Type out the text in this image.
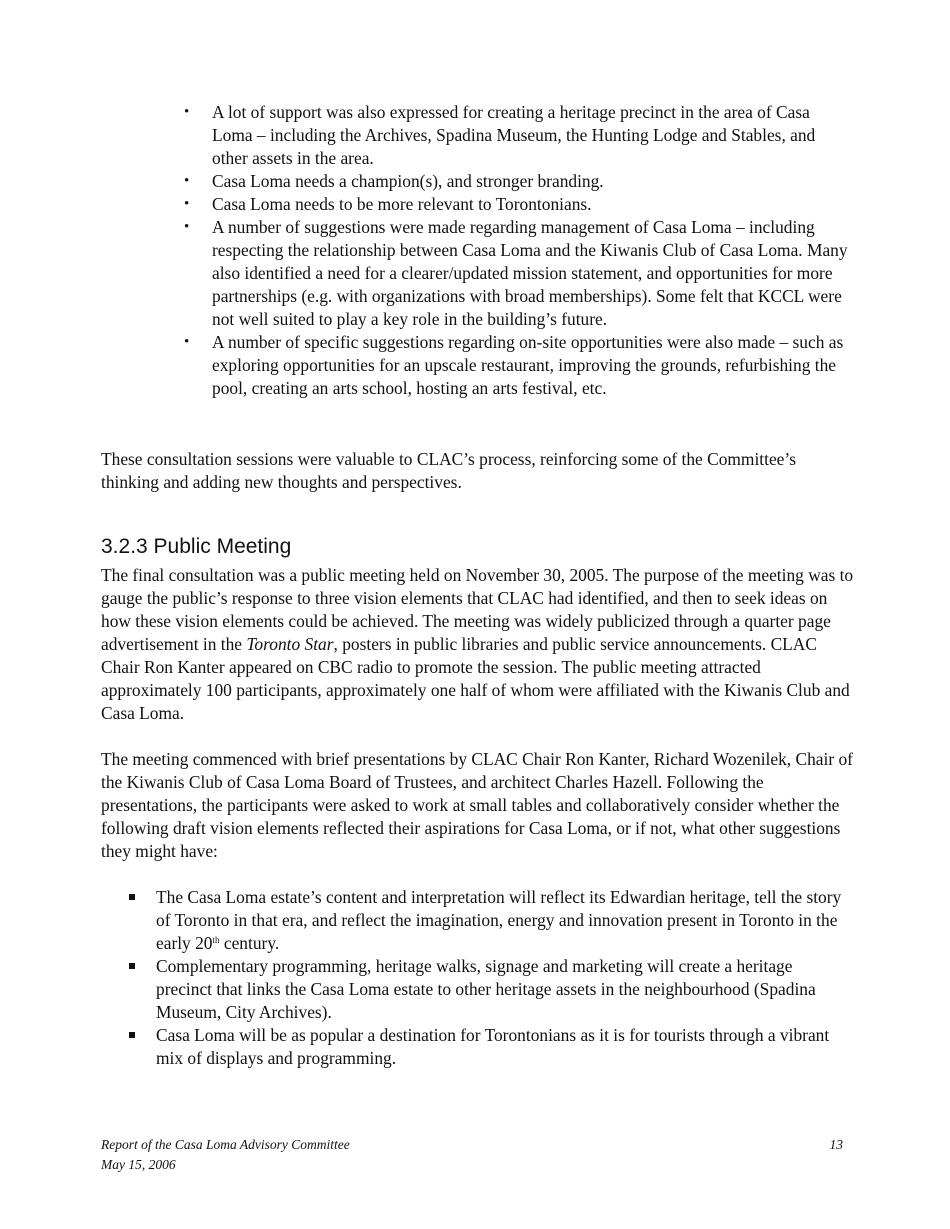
•	A lot of support was also expressed for creating a heritage precinct in the area of Casa Loma – including the Archives, Spadina Museum, the Hunting Lodge and Stables, and other assets in the area.
•	Casa Loma needs a champion(s), and stronger branding.
•	Casa Loma needs to be more relevant to Torontonians.
•	A number of suggestions were made regarding management of Casa Loma – including respecting the relationship between Casa Loma and the Kiwanis Club of Casa Loma. Many also identified a need for a clearer/updated mission statement, and opportunities for more partnerships (e.g. with organizations with broad memberships). Some felt that KCCL were not well suited to play a key role in the building’s future.
•	A number of specific suggestions regarding on-site opportunities were also made – such as exploring opportunities for an upscale restaurant, improving the grounds, refurbishing the pool, creating an arts school, hosting an arts festival, etc.

These consultation sessions were valuable to CLAC’s process, reinforcing some of the Committee’s thinking and adding new thoughts and perspectives.

3.2.3 Public Meeting

The final consultation was a public meeting held on November 30, 2005. The purpose of the meeting was to gauge the public’s response to three vision elements that CLAC had identified, and then to seek ideas on how these vision elements could be achieved. The meeting was widely publicized through a quarter page advertisement in the Toronto Star, posters in public libraries and public service announcements. CLAC Chair Ron Kanter appeared on CBC radio to promote the session. The public meeting attracted approximately 100 participants, approximately one half of whom were affiliated with the Kiwanis Club and Casa Loma.

The meeting commenced with brief presentations by CLAC Chair Ron Kanter, Richard Wozenilek, Chair of the Kiwanis Club of Casa Loma Board of Trustees, and architect Charles Hazell. Following the presentations, the participants were asked to work at small tables and collaboratively consider whether the following draft vision elements reflected their aspirations for Casa Loma, or if not, what other suggestions they might have:

The Casa Loma estate’s content and interpretation will reflect its Edwardian heritage, tell the story of Toronto in that era, and reflect the imagination, energy and innovation present in Toronto in the early 20th century.
Complementary programming, heritage walks, signage and marketing will create a heritage precinct that links the Casa Loma estate to other heritage assets in the neighbourhood (Spadina Museum, City Archives).
Casa Loma will be as popular a destination for Torontonians as it is for tourists through a vibrant mix of displays and programming.
Report of the Casa Loma Advisory Committee
May 15, 2006
13
